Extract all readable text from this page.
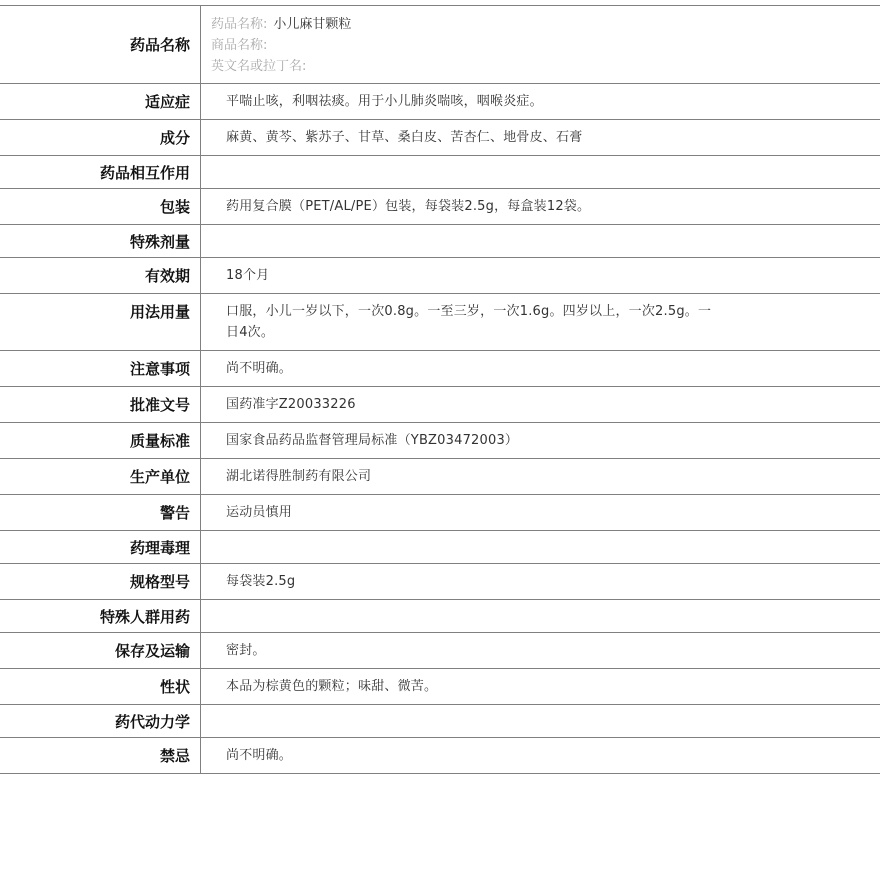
药品名称
药品名称: 小儿麻甘颗粒
商品名称:
英文名或拉丁名:
适应症	平喘止咳，利咽祛痰。用于小儿肺炎喘咳，咽喉炎症。
成分	麻黄、黄芩、紫苏子、甘草、桑白皮、苦杏仁、地骨皮、石膏
药品相互作用
包装	药用复合膜（PET/AL/PE）包装，每袋装2.5g，每盒装12袋。
特殊剂量
有效期	18个月
用法用量	口服，小儿一岁以下，一次0.8g。一至三岁，一次1.6g。四岁以上，一次2.5g。一日4次。
注意事项	尚不明确。
批准文号	国药准字Z20033226
质量标准	国家食品药品监督管理局标准（YBZ03472003）
生产单位	湖北诺得胜制药有限公司
警告	运动员慎用
药理毒理
规格型号	每袋装2.5g
特殊人群用药
保存及运输	密封。
性状	本品为棕黄色的颗粒；味甜、微苦。
药代动力学
禁忌	尚不明确。
